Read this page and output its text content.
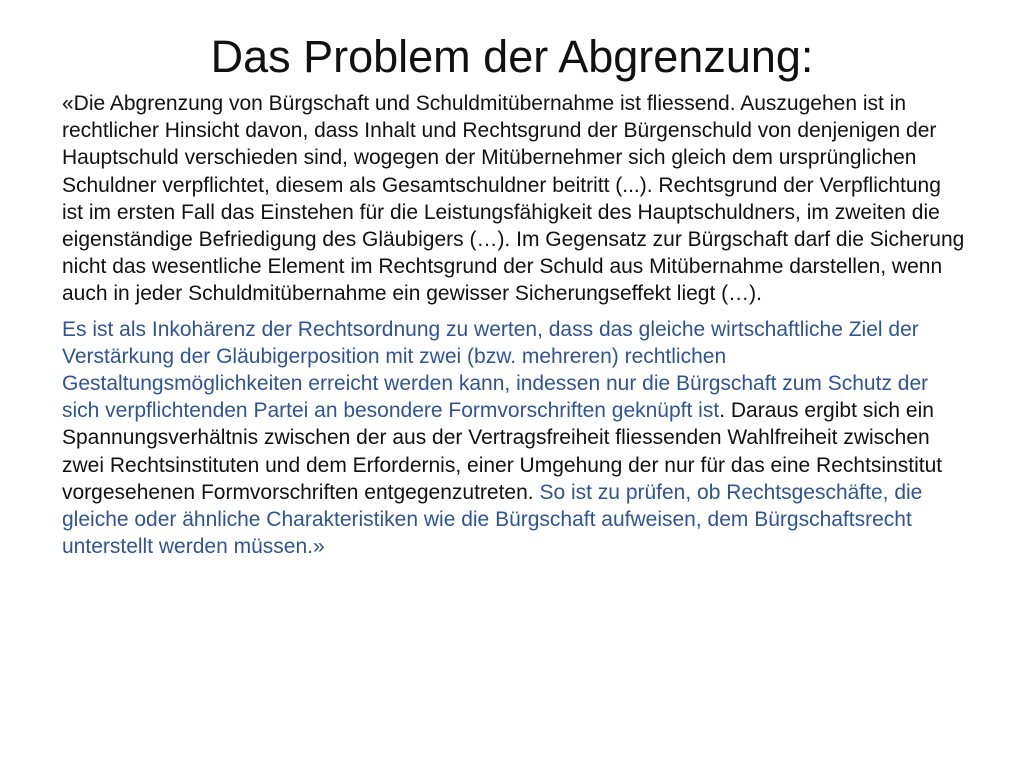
Das Problem der Abgrenzung:

«Die Abgrenzung von Bürgschaft und Schuldmitübernahme ist fliessend. Auszugehen ist in rechtlicher Hinsicht davon, dass Inhalt und Rechtsgrund der Bürgenschuld von denjenigen der Hauptschuld verschieden sind, wogegen der Mitübernehmer sich gleich dem ursprünglichen Schuldner verpflichtet, diesem als Gesamtschuldner beitritt (...). Rechtsgrund der Verpflichtung ist im ersten Fall das Einstehen für die Leistungsfähigkeit des Hauptschuldners, im zweiten die eigenständige Befriedigung des Gläubigers (…). Im Gegensatz zur Bürgschaft darf die Sicherung nicht das wesentliche Element im Rechtsgrund der Schuld aus Mitübernahme darstellen, wenn auch in jeder Schuldmitübernahme ein gewisser Sicherungseffekt liegt (…).

Es ist als Inkohärenz der Rechtsordnung zu werten, dass das gleiche wirtschaftliche Ziel der Verstärkung der Gläubigerposition mit zwei (bzw. mehreren) rechtlichen Gestaltungsmöglichkeiten erreicht werden kann, indessen nur die Bürgschaft zum Schutz der sich verpflichtenden Partei an besondere Formvorschriften geknüpft ist. Daraus ergibt sich ein Spannungsverhältnis zwischen der aus der Vertragsfreiheit fliessenden Wahlfreiheit zwischen zwei Rechtsinstituten und dem Erfordernis, einer Umgehung der nur für das eine Rechtsinstitut vorgesehenen Formvorschriften entgegenzutreten. So ist zu prüfen, ob Rechtsgeschäfte, die gleiche oder ähnliche Charakteristiken wie die Bürgschaft aufweisen, dem Bürgschaftsrecht unterstellt werden müssen.»
